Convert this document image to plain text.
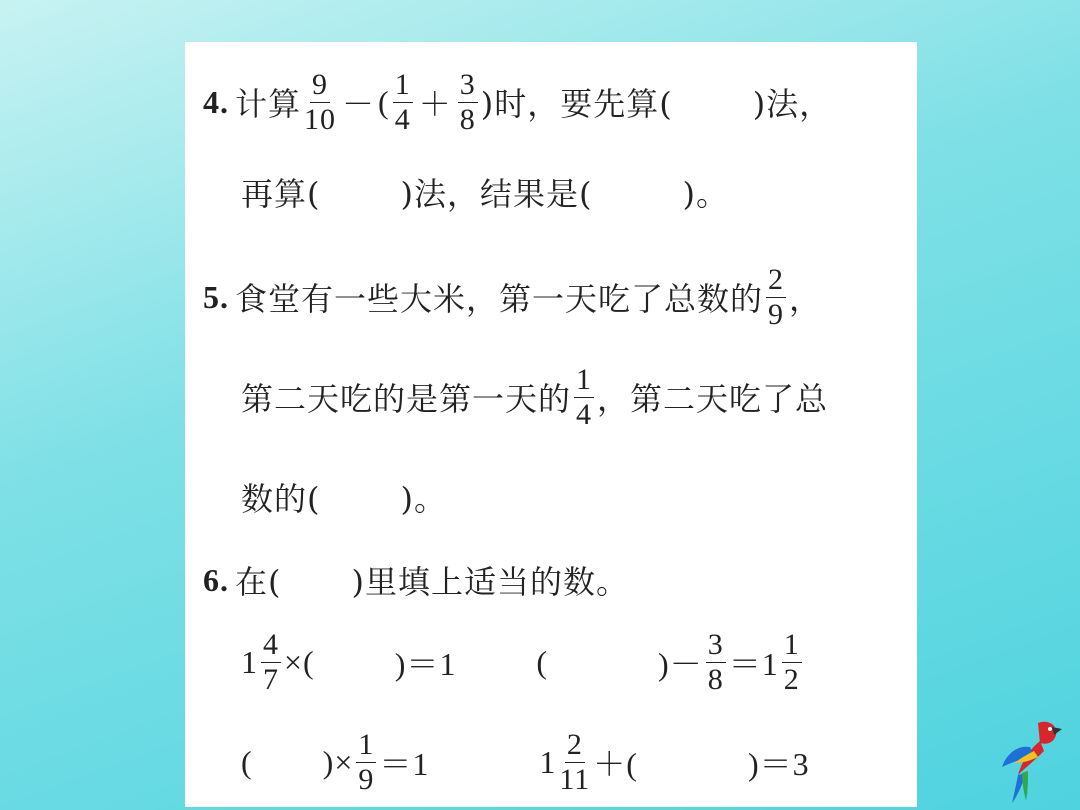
4. 计算 $\frac{9}{10}$ － ( $\frac{1}{4} + \frac{3}{8}$ )时，要先算(	)法，
再算(	)法，结果是(	)。
5. 食堂有一些大米，第一天吃了总数的 $\frac{2}{9}$ ，
第二天吃的是第一天的 $\frac{1}{4}$ ，第二天吃了总
数的(	)。
6. 在( )里填上适当的数。
$1 \frac{4}{7}$ ×(	)＝1	(	)－ $\frac{3}{8} =1 \frac{1}{2}$
( )× $\frac{1}{9} =1$	$1 \frac{2}{11}$ ＋(	)＝3
